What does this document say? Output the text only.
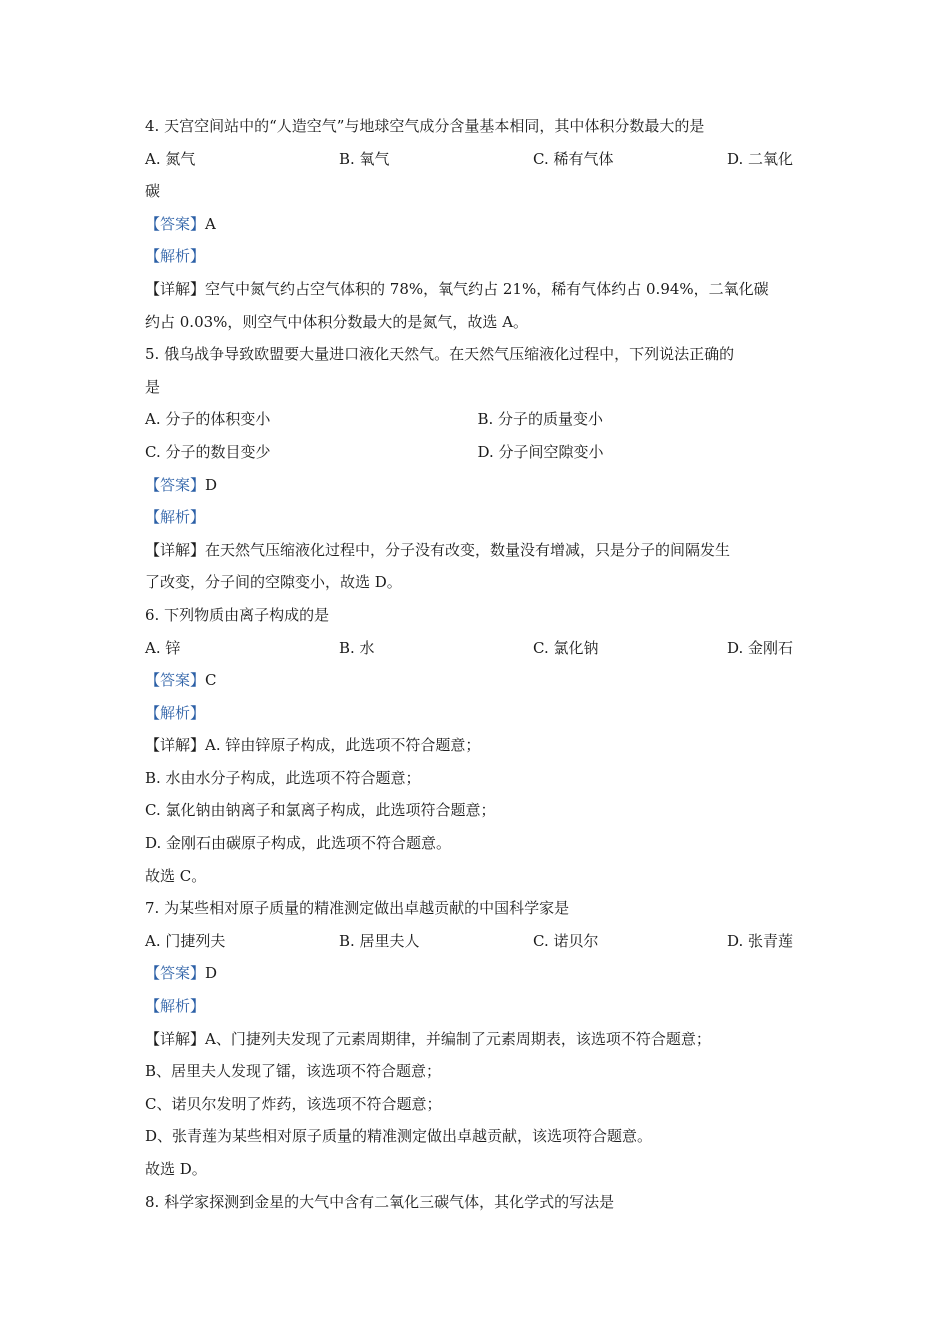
4. 天宫空间站中的“人造空气”与地球空气成分含量基本相同，其中体积分数最大的是
A. 氮气	B. 氧气	C. 稀有气体	D. 二氧化
碳
【答案】A
【解析】
【详解】空气中氮气约占空气体积的 78%，氧气约占 21%，稀有气体约占 0.94%，二氧化碳
约占 0.03%，则空气中体积分数最大的是氮气，故选 A。
5. 俄乌战争导致欧盟要大量进口液化天然气。在天然气压缩液化过程中，下列说法正确的
是
A. 分子的体积变小	B. 分子的质量变小
C. 分子的数目变少	D. 分子间空隙变小
【答案】D
【解析】
【详解】在天然气压缩液化过程中，分子没有改变，数量没有增减，只是分子的间隔发生
了改变，分子间的空隙变小，故选 D。
6. 下列物质由离子构成的是
A. 锌	B. 水	C. 氯化钠	D. 金刚石
【答案】C
【解析】
【详解】A. 锌由锌原子构成，此选项不符合题意；
B. 水由水分子构成，此选项不符合题意；
C. 氯化钠由钠离子和氯离子构成，此选项符合题意；
D. 金刚石由碳原子构成，此选项不符合题意。
故选 C。
7. 为某些相对原子质量的精准测定做出卓越贡献的中国科学家是
A. 门捷列夫	B. 居里夫人	C. 诺贝尔	D. 张青莲
【答案】D
【解析】
【详解】A、门捷列夫发现了元素周期律，并编制了元素周期表，该选项不符合题意；
B、居里夫人发现了镭，该选项不符合题意；
C、诺贝尔发明了炸药，该选项不符合题意；
D、张青莲为某些相对原子质量的精准测定做出卓越贡献，该选项符合题意。
故选 D。
8. 科学家探测到金星的大气中含有二氧化三碳气体，其化学式的写法是
